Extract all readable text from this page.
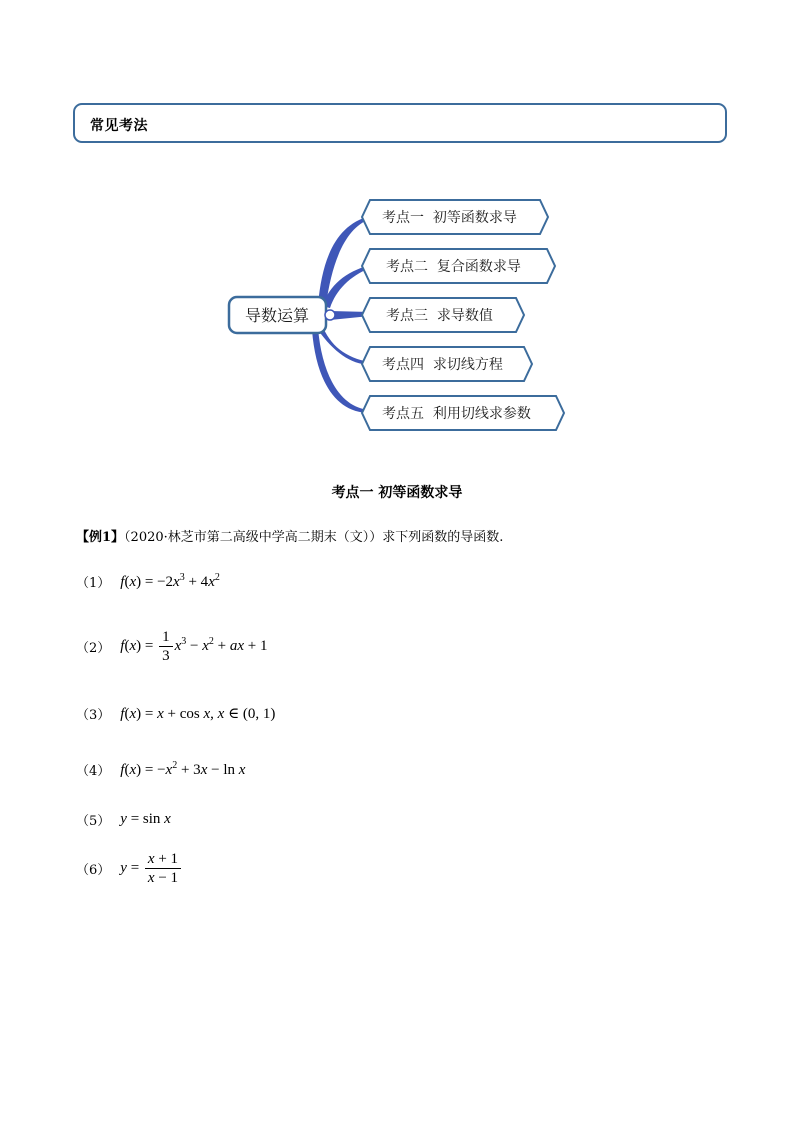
常见考法
导数运算
考点一  初等函数求导
考点二  复合函数求导
考点三  求导数值
考点四  求切线方程
考点五  利用切线求参数
考点一 初等函数求导
【例1】（2020·林芝市第二高级中学高二期末（文））求下列函数的导函数.
（1） $f(x) = -2x^3 + 4x^2$
（2） $f(x) = \frac{1}{3} x^3 - x^2$ + ax + 1
（3） f(x) = x + cos x, x ∈ (0, 1)
（4） $f(x) = -x^2 + 3x - \ln x$
（5） y = sin x
（6） $y = \frac{x + 1}{x - 1}$
